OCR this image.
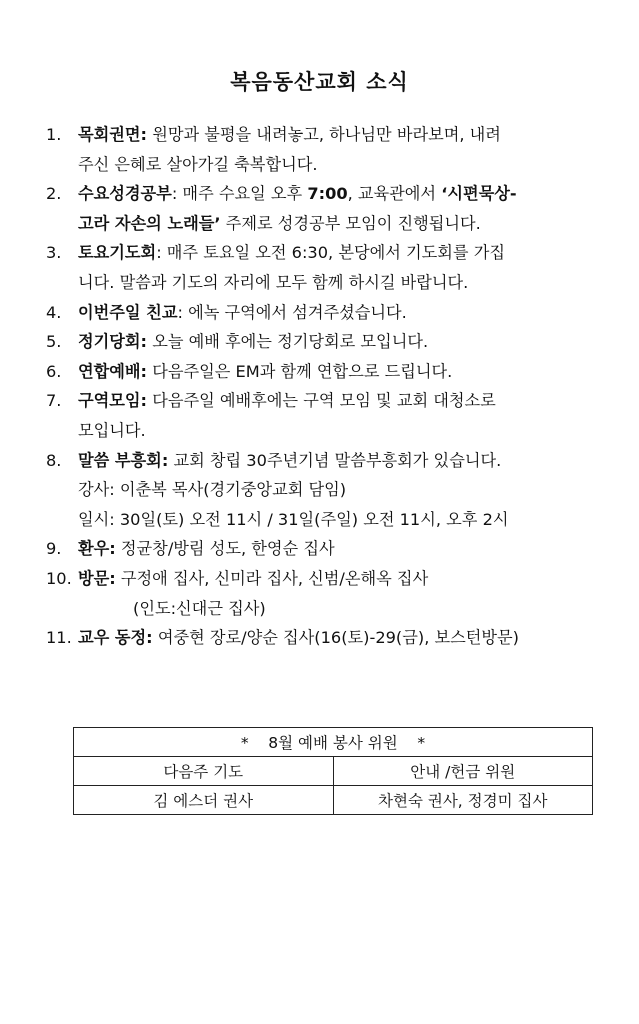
복음동산교회 소식
1. 목회권면: 원망과 불평을 내려놓고, 하나님만 바라보며, 내려
주신 은혜로 살아가길 축복합니다.
2. 수요성경공부: 매주 수요일 오후 7:00, 교육관에서 ‘시편묵상-
고라 자손의 노래들’ 주제로 성경공부 모임이 진행됩니다.
3. 토요기도회: 매주 토요일 오전 6:30, 본당에서 기도회를 가집
니다. 말씀과 기도의 자리에 모두 함께 하시길 바랍니다.
4. 이번주일 친교: 에녹 구역에서 섬겨주셨습니다.
5. 정기당회: 오늘 예배 후에는 정기당회로 모입니다.
6. 연합예배: 다음주일은 EM과 함께 연합으로 드립니다.
7. 구역모임: 다음주일 예배후에는 구역 모임 및 교회 대청소로
모입니다.
8. 말씀 부흥회: 교회 창립 30주년기념 말씀부흥회가 있습니다.
강사: 이춘복 목사(경기중앙교회 담임)
일시: 30일(토) 오전 11시 / 31일(주일) 오전 11시, 오후 2시
9. 환우: 정균창/방림 성도, 한영순 집사
10. 방문: 구정애 집사, 신미라 집사, 신범/온해옥 집사
(인도:신대근 집사)
11. 교우 동정: 여중현 장로/양순 집사(16(토)-29(금), 보스턴방문)
*    8월 예배 봉사 위원    *	
다음주 기도	안내 /헌금 위원
김 에스더 권사	차현숙 권사, 정경미 집사
